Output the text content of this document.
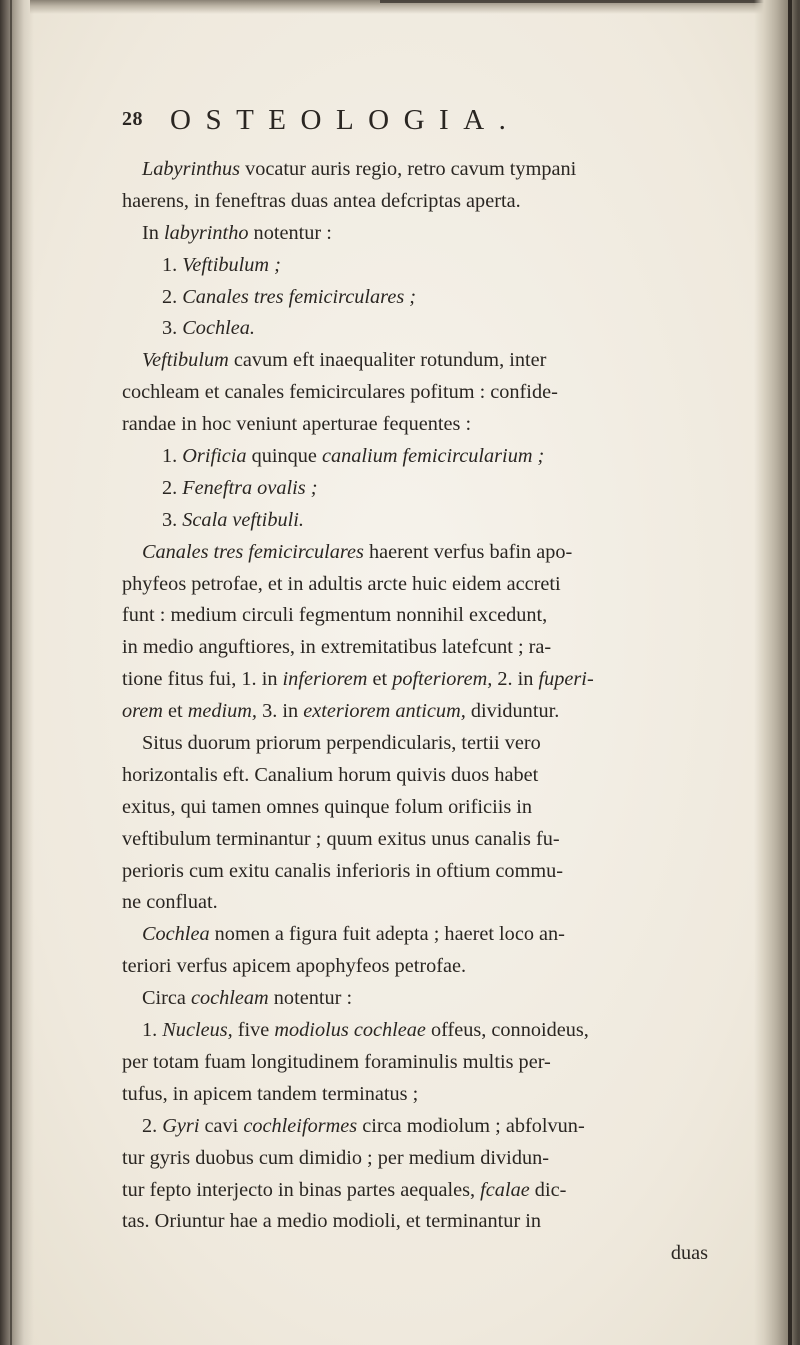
28 OSTEOLOGIA.
Labyrinthus vocatur auris regio, retro cavum tympani
haerens, in feneftras duas antea defcriptas aperta.
In labyrintho notentur :
1. Veftibulum ;
2. Canales tres femicirculares ;
3. Cochlea.
Veftibulum cavum eft inaequaliter rotundum, inter
cochleam et canales femicirculares pofitum : confide-
randae in hoc veniunt aperturae fequentes :
1. Orificia quinque canalium femicircularium ;
2. Feneftra ovalis ;
3. Scala veftibuli.
Canales tres femicirculares haerent verfus bafin apo-
phyfeos petrofae, et in adultis arcte huic eidem accreti
funt : medium circuli fegmentum nonnihil excedunt,
in medio anguftiores, in extremitatibus latefcunt ; ra-
tione fitus fui, 1. in inferiorem et pofteriorem, 2. in fuperi-
orem et medium, 3. in exteriorem anticum, dividuntur.
Situs duorum priorum perpendicularis, tertii vero
horizontalis eft. Canalium horum quivis duos habet
exitus, qui tamen omnes quinque folum orificiis in
veftibulum terminantur ; quum exitus unus canalis fu-
perioris cum exitu canalis inferioris in oftium commu-
ne confluat.
Cochlea nomen a figura fuit adepta ; haeret loco an-
teriori verfus apicem apophyfeos petrofae.
Circa cochleam notentur :
1. Nucleus, five modiolus cochleae offeus, connoideus,
per totam fuam longitudinem foraminulis multis per-
tufus, in apicem tandem terminatus ;
2. Gyri cavi cochleiformes circa modiolum ; abfolvun-
tur gyris duobus cum dimidio ; per medium dividun-
tur fepto interjecto in binas partes aequales, fcalae dic-
tas. Oriuntur hae a medio modioli, et terminantur in
duas
